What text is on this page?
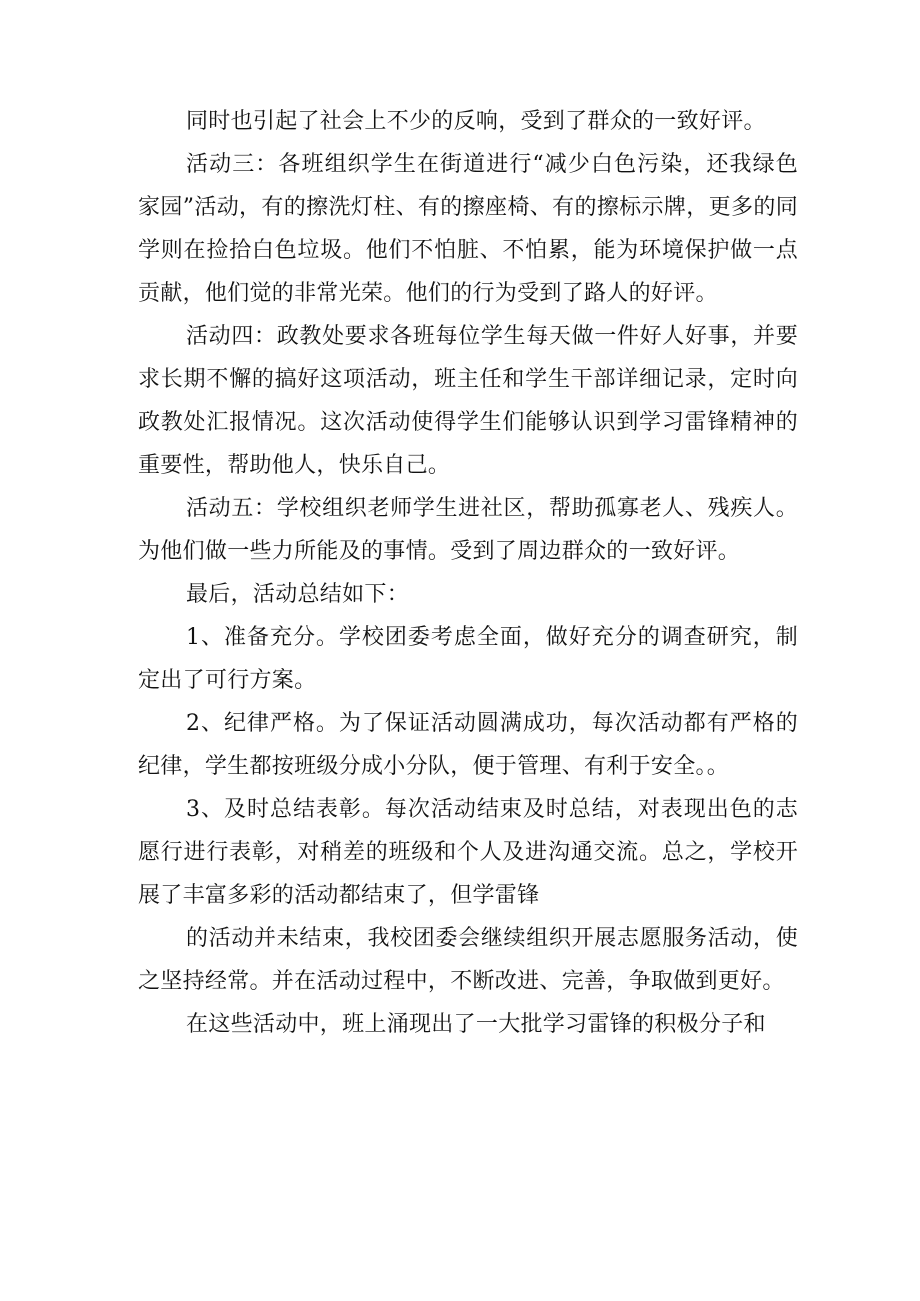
同时也引起了社会上不少的反响，受到了群众的一致好评。

活动三：各班组织学生在街道进行“减少白色污染，还我绿色家园”活动，有的擦洗灯柱、有的擦座椅、有的擦标示牌，更多的同学则在捡拾白色垃圾。他们不怕脏、不怕累，能为环境保护做一点贡献，他们觉的非常光荣。他们的行为受到了路人的好评。

活动四：政教处要求各班每位学生每天做一件好人好事，并要求长期不懈的搞好这项活动，班主任和学生干部详细记录，定时向政教处汇报情况。这次活动使得学生们能够认识到学习雷锋精神的重要性，帮助他人，快乐自己。

活动五：学校组织老师学生进社区，帮助孤寡老人、残疾人。为他们做一些力所能及的事情。受到了周边群众的一致好评。

最后，活动总结如下：

1、准备充分。学校团委考虑全面，做好充分的调查研究，制定出了可行方案。

2、纪律严格。为了保证活动圆满成功，每次活动都有严格的纪律，学生都按班级分成小分队，便于管理、有利于安全。。

3、及时总结表彰。每次活动结束及时总结，对表现出色的志愿行进行表彰，对稍差的班级和个人及进沟通交流。总之，学校开展了丰富多彩的活动都结束了，但学雷锋

的活动并未结束，我校团委会继续组织开展志愿服务活动，使之坚持经常。并在活动过程中，不断改进、完善，争取做到更好。

在这些活动中，班上涌现出了一大批学习雷锋的积极分子和
